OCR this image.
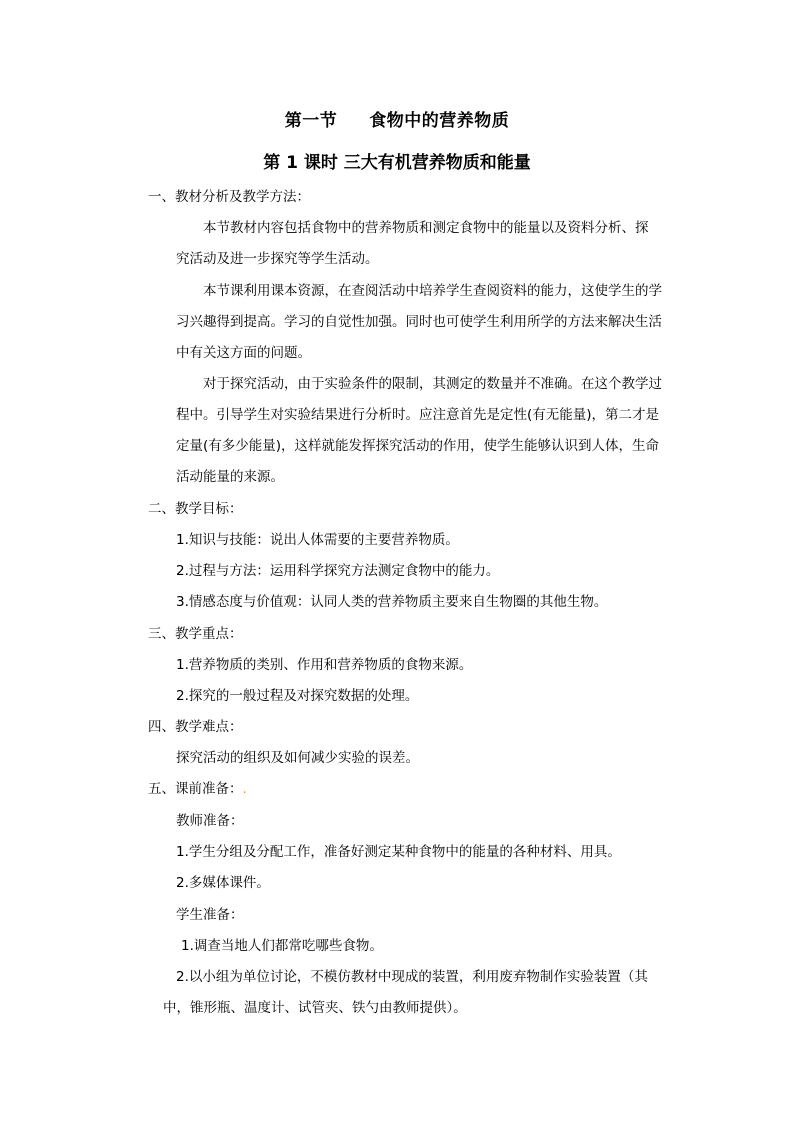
第一节 食物中的营养物质
第 1 课时 三大有机营养物质和能量
一、教材分析及教学方法：
本节教材内容包括食物中的营养物质和测定食物中的能量以及资料分析、探
究活动及进一步探究等学生活动。
本节课利用课本资源，在查阅活动中培养学生查阅资料的能力，这使学生的学
习兴趣得到提高。学习的自觉性加强。同时也可使学生利用所学的方法来解决生活
中有关这方面的问题。
对于探究活动，由于实验条件的限制，其测定的数量并不准确。在这个教学过
程中。引导学生对实验结果进行分析时。应注意首先是定性(有无能量)，第二才是
定量(有多少能量)，这样就能发挥探究活动的作用，使学生能够认识到人体，生命
活动能量的来源。
二、教学目标：
1.知识与技能：说出人体需要的主要营养物质。
2.过程与方法：运用科学探究方法测定食物中的能力。
3.情感态度与价值观：认同人类的营养物质主要来自生物圈的其他生物。
三、教学重点：
1.营养物质的类别、作用和营养物质的食物来源。
2.探究的一般过程及对探究数据的处理。
四、教学难点：
探究活动的组织及如何减少实验的误差。
五、课前准备：.
教师准备：
1.学生分组及分配工作，准备好测定某种食物中的能量的各种材料、用具。
2.多媒体课件。
学生准备：
1.调查当地人们都常吃哪些食物。
2.以小组为单位讨论，不模仿教材中现成的装置，利用废弃物制作实验装置（其
中，锥形瓶、温度计、试管夹、铁勺由教师提供）。
